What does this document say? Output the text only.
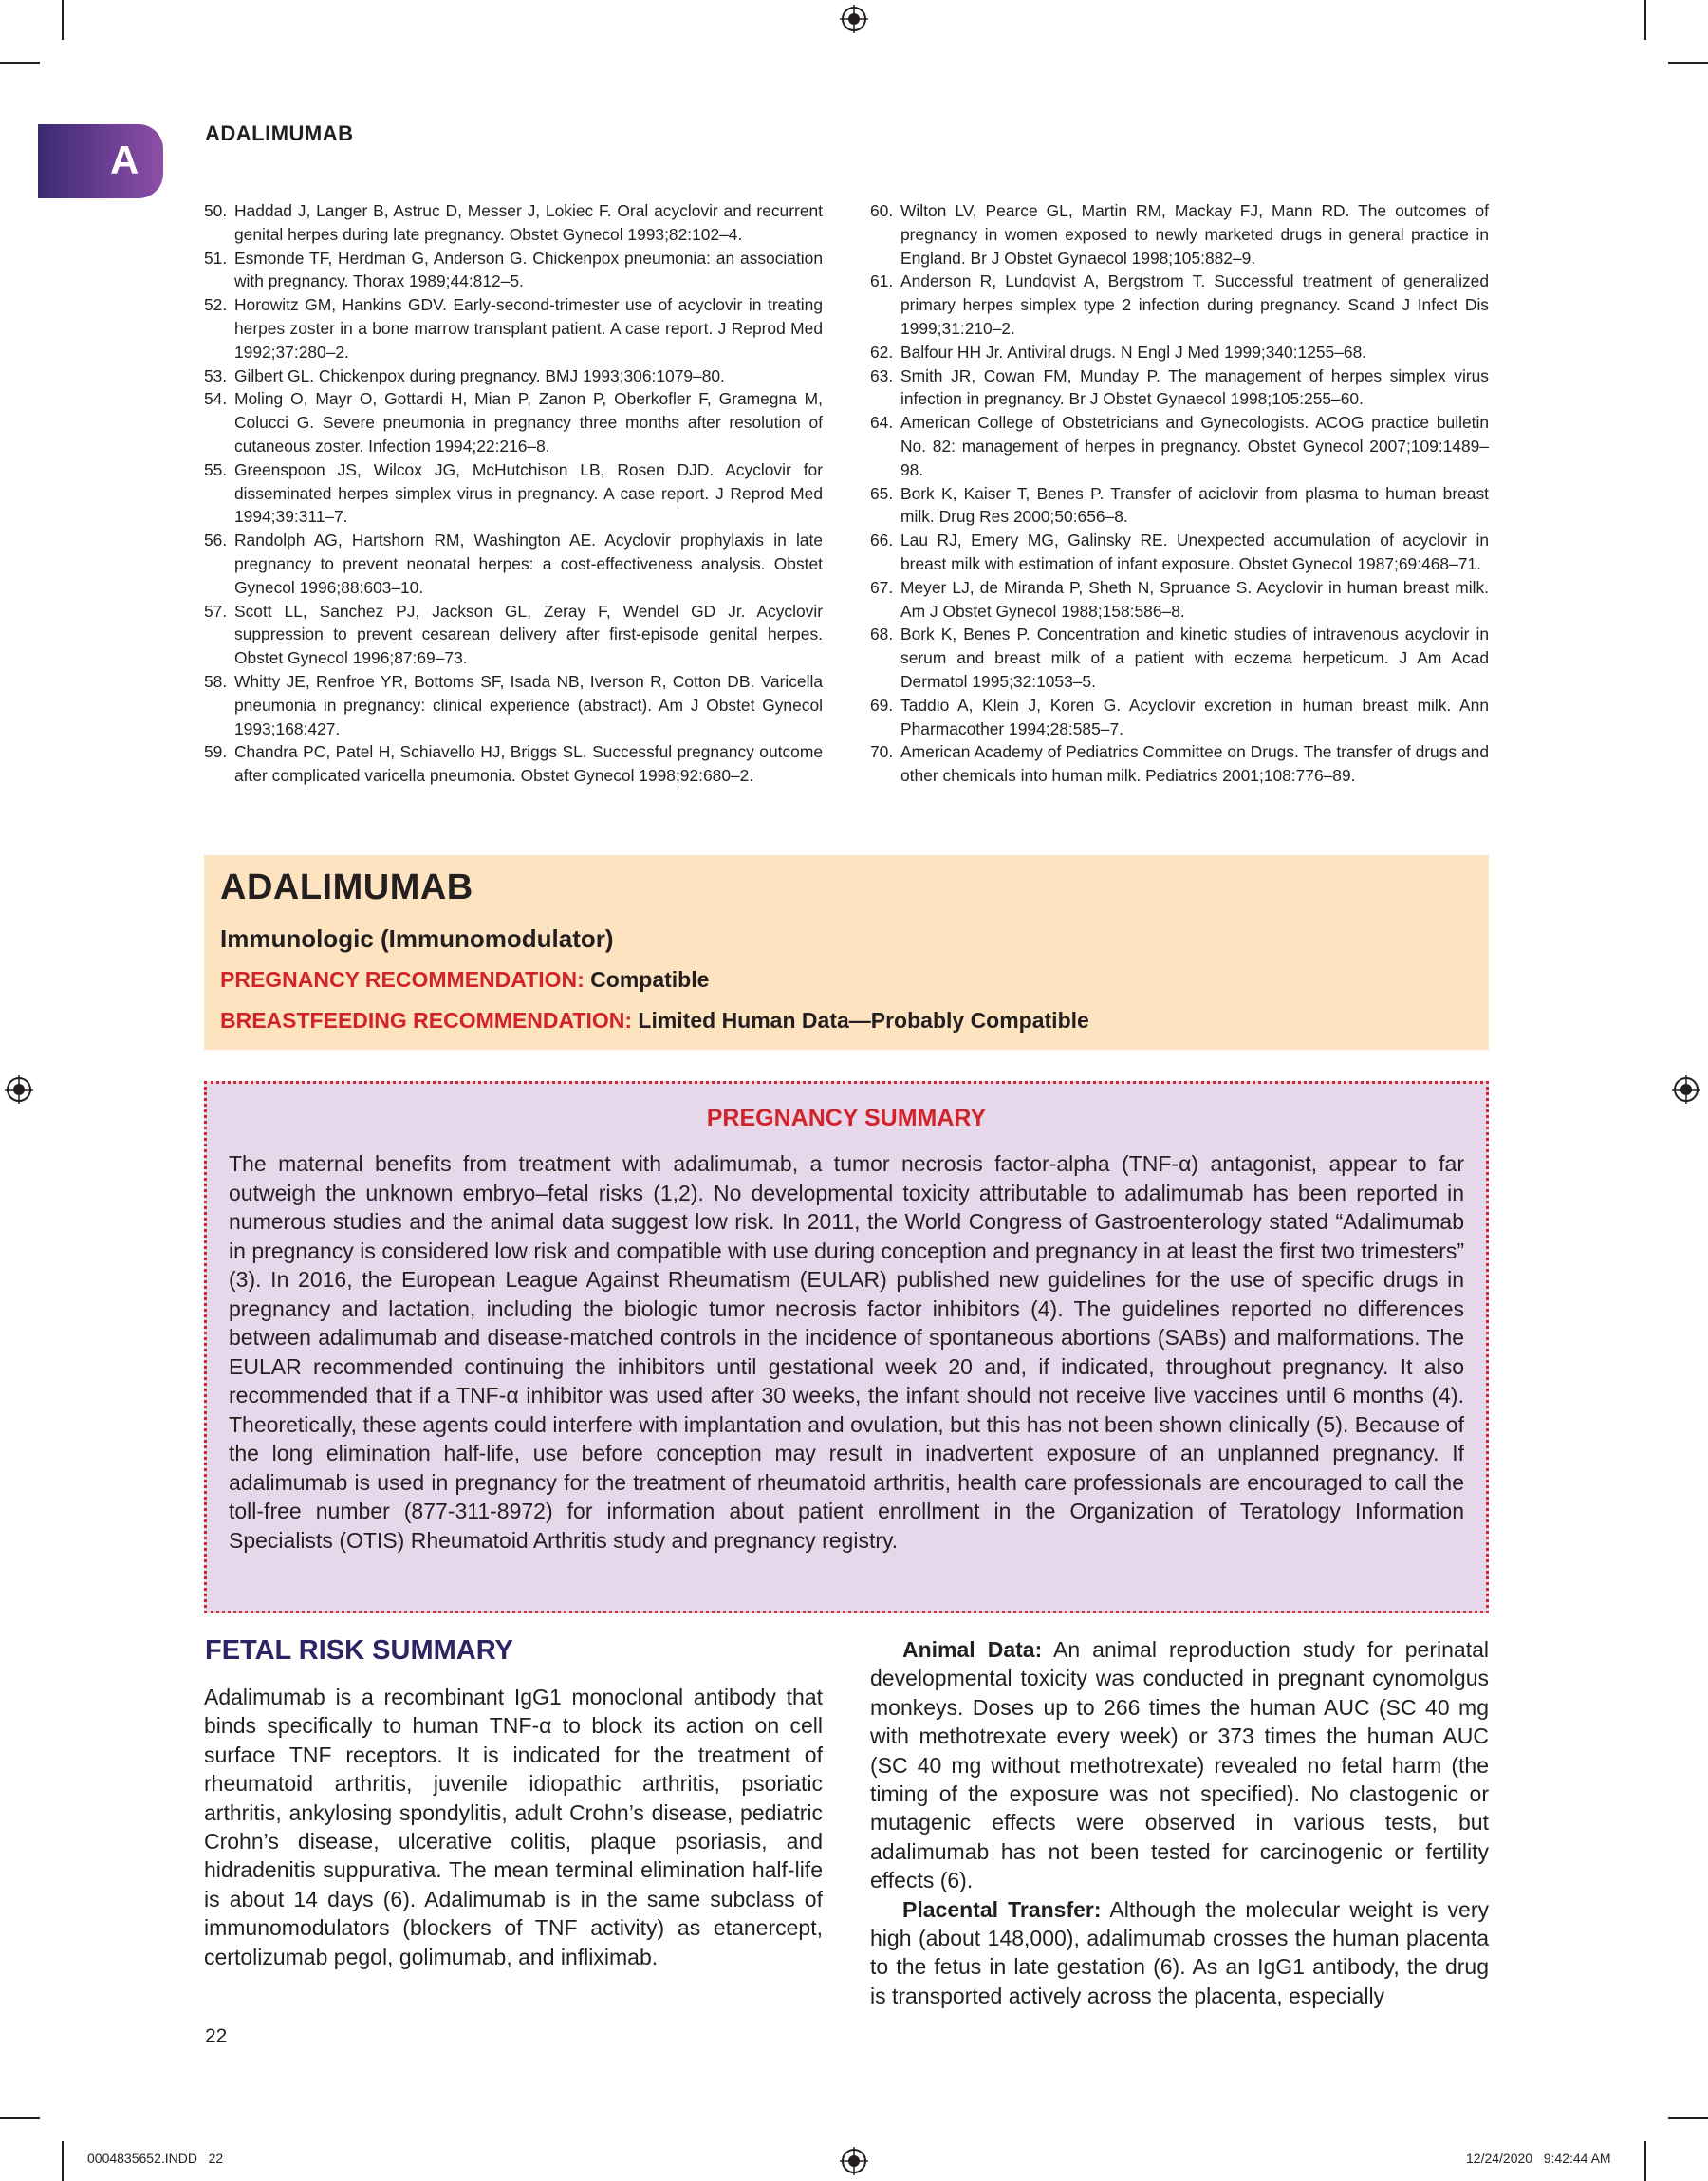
A
ADALIMUMAB
50. Haddad J, Langer B, Astruc D, Messer J, Lokiec F. Oral acyclovir and recurrent genital herpes during late pregnancy. Obstet Gynecol 1993;82:102–4.
51. Esmonde TF, Herdman G, Anderson G. Chickenpox pneumonia: an association with pregnancy. Thorax 1989;44:812–5.
52. Horowitz GM, Hankins GDV. Early-second-trimester use of acyclovir in treating herpes zoster in a bone marrow transplant patient. A case report. J Reprod Med 1992;37:280–2.
53. Gilbert GL. Chickenpox during pregnancy. BMJ 1993;306:1079–80.
54. Moling O, Mayr O, Gottardi H, Mian P, Zanon P, Oberkofler F, Gramegna M, Colucci G. Severe pneumonia in pregnancy three months after resolution of cutaneous zoster. Infection 1994;22:216–8.
55. Greenspoon JS, Wilcox JG, McHutchison LB, Rosen DJD. Acyclovir for disseminated herpes simplex virus in pregnancy. A case report. J Reprod Med 1994;39:311–7.
56. Randolph AG, Hartshorn RM, Washington AE. Acyclovir prophylaxis in late pregnancy to prevent neonatal herpes: a cost-effectiveness analysis. Obstet Gynecol 1996;88:603–10.
57. Scott LL, Sanchez PJ, Jackson GL, Zeray F, Wendel GD Jr. Acyclovir suppression to prevent cesarean delivery after first-episode genital herpes. Obstet Gynecol 1996;87:69–73.
58. Whitty JE, Renfroe YR, Bottoms SF, Isada NB, Iverson R, Cotton DB. Varicella pneumonia in pregnancy: clinical experience (abstract). Am J Obstet Gynecol 1993;168:427.
59. Chandra PC, Patel H, Schiavello HJ, Briggs SL. Successful pregnancy outcome after complicated varicella pneumonia. Obstet Gynecol 1998;92:680–2.
60. Wilton LV, Pearce GL, Martin RM, Mackay FJ, Mann RD. The outcomes of pregnancy in women exposed to newly marketed drugs in general practice in England. Br J Obstet Gynaecol 1998;105:882–9.
61. Anderson R, Lundqvist A, Bergstrom T. Successful treatment of generalized primary herpes simplex type 2 infection during pregnancy. Scand J Infect Dis 1999;31:210–2.
62. Balfour HH Jr. Antiviral drugs. N Engl J Med 1999;340:1255–68.
63. Smith JR, Cowan FM, Munday P. The management of herpes simplex virus infection in pregnancy. Br J Obstet Gynaecol 1998;105:255–60.
64. American College of Obstetricians and Gynecologists. ACOG practice bulletin No. 82: management of herpes in pregnancy. Obstet Gynecol 2007;109:1489–98.
65. Bork K, Kaiser T, Benes P. Transfer of aciclovir from plasma to human breast milk. Drug Res 2000;50:656–8.
66. Lau RJ, Emery MG, Galinsky RE. Unexpected accumulation of acyclovir in breast milk with estimation of infant exposure. Obstet Gynecol 1987;69:468–71.
67. Meyer LJ, de Miranda P, Sheth N, Spruance S. Acyclovir in human breast milk. Am J Obstet Gynecol 1988;158:586–8.
68. Bork K, Benes P. Concentration and kinetic studies of intravenous acyclovir in serum and breast milk of a patient with eczema herpeticum. J Am Acad Dermatol 1995;32:1053–5.
69. Taddio A, Klein J, Koren G. Acyclovir excretion in human breast milk. Ann Pharmacother 1994;28:585–7.
70. American Academy of Pediatrics Committee on Drugs. The transfer of drugs and other chemicals into human milk. Pediatrics 2001;108:776–89.
ADALIMUMAB
Immunologic (Immunomodulator)
PREGNANCY RECOMMENDATION: Compatible
BREASTFEEDING RECOMMENDATION: Limited Human Data—Probably Compatible
PREGNANCY SUMMARY
The maternal benefits from treatment with adalimumab, a tumor necrosis factor-alpha (TNF-α) antagonist, appear to far outweigh the unknown embryo–fetal risks (1,2). No developmental toxicity attributable to adalimumab has been reported in numerous studies and the animal data suggest low risk. In 2011, the World Congress of Gastroenterology stated “Adalimumab in pregnancy is considered low risk and compatible with use during conception and pregnancy in at least the first two trimesters” (3). In 2016, the European League Against Rheumatism (EULAR) published new guidelines for the use of specific drugs in pregnancy and lactation, including the biologic tumor necrosis factor inhibitors (4). The guidelines reported no differences between adalimumab and disease-matched controls in the incidence of spontaneous abortions (SABs) and malformations. The EULAR recommended continuing the inhibitors until gestational week 20 and, if indicated, throughout pregnancy. It also recommended that if a TNF-α inhibitor was used after 30 weeks, the infant should not receive live vaccines until 6 months (4). Theoretically, these agents could interfere with implantation and ovulation, but this has not been shown clinically (5). Because of the long elimination half-life, use before conception may result in inadvertent exposure of an unplanned pregnancy. If adalimumab is used in pregnancy for the treatment of rheumatoid arthritis, health care professionals are encouraged to call the toll-free number (877-311-8972) for information about patient enrollment in the Organization of Teratology Information Specialists (OTIS) Rheumatoid Arthritis study and pregnancy registry.
FETAL RISK SUMMARY

Adalimumab is a recombinant IgG1 monoclonal antibody that binds specifically to human TNF-α to block its action on cell surface TNF receptors. It is indicated for the treatment of rheumatoid arthritis, juvenile idiopathic arthritis, psoriatic arthritis, ankylosing spondylitis, adult Crohn’s disease, pediatric Crohn’s disease, ulcerative colitis, plaque psoriasis, and hidradenitis suppurativa. The mean terminal elimination half-life is about 14 days (6). Adalimumab is in the same subclass of immunomodulators (blockers of TNF activity) as etanercept, certolizumab pegol, golimumab, and infliximab.

Animal Data: An animal reproduction study for perinatal developmental toxicity was conducted in pregnant cynomolgus monkeys. Doses up to 266 times the human AUC (SC 40 mg with methotrexate every week) or 373 times the human AUC (SC 40 mg without methotrexate) revealed no fetal harm (the timing of the exposure was not specified). No clastogenic or mutagenic effects were observed in various tests, but adalimumab has not been tested for carcinogenic or fertility effects (6).

Placental Transfer: Although the molecular weight is very high (about 148,000), adalimumab crosses the human placenta to the fetus in late gestation (6). As an IgG1 antibody, the drug is transported actively across the placenta, especially

22
0004835652.INDD   22	12/24/2020   9:42:44 AM
